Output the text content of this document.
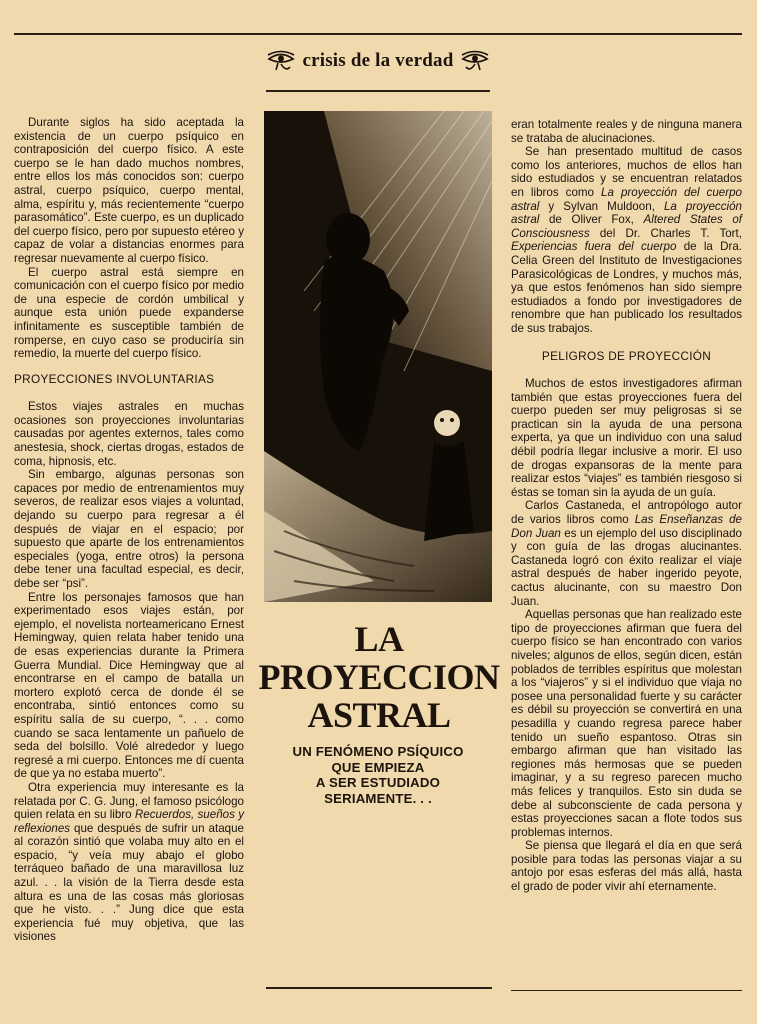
crisis de la verdad

Durante siglos ha sido aceptada la existencia de un cuerpo psíquico en contraposición del cuerpo físico. A este cuerpo se le han dado muchos nombres, entre ellos los más conocidos son: cuerpo astral, cuerpo psíquico, cuerpo mental, alma, espíritu y, más recientemente “cuerpo parasomático”. Este cuerpo, es un duplicado del cuerpo físico, pero por supuesto etéreo y capaz de volar a distancias enormes para regresar nuevamente al cuerpo físico.

El cuerpo astral está siempre en comunicación con el cuerpo físico por medio de una especie de cordón umbilical y aunque esta unión puede expanderse infinitamente es susceptible también de romperse, en cuyo caso se produciría sin remedio, la muerte del cuerpo físico.

PROYECCIONES INVOLUNTARIAS

Estos viajes astrales en muchas ocasiones son proyecciones involuntarias causadas por agentes externos, tales como anestesia, shock, ciertas drogas, estados de coma, hipnosis, etc.

Sin embargo, algunas personas son capaces por medio de entrenamientos muy severos, de realizar esos viajes a voluntad, dejando su cuerpo para regresar a él después de viajar en el espacio; por supuesto que aparte de los entrenamientos especiales (yoga, entre otros) la persona debe tener una facultad especial, es decir, debe ser “psi”.

Entre los personajes famosos que han experimentado esos viajes están, por ejemplo, el novelista norteamericano Ernest Hemingway, quien relata haber tenido una de esas experiencias durante la Primera Guerra Mundial. Dice Hemingway que al encontrarse en el campo de batalla un mortero explotó cerca de donde él se encontraba, sintió entonces como su espíritu salía de su cuerpo, “. . . como cuando se saca lentamente un pañuelo de seda del bolsillo. Volé alrededor y luego regresé a mi cuerpo. Entonces me dí cuenta de que ya no estaba muerto”.

Otra experiencia muy interesante es la relatada por C. G. Jung, el famoso psicólogo quien relata en su libro Recuerdos, sueños y reflexiones que después de sufrir un ataque al corazón sintió que volaba muy alto en el espacio, “y veía muy abajo el globo terráqueo bañado de una maravillosa luz azul. . . la visión de la Tierra desde esta altura es una de las cosas más gloriosas que he visto. . .” Jung dice que esta experiencia fué muy objetiva, que las visiones

LA
PROYECCION
ASTRAL
UN FENÓMENO PSÍQUICO
QUE EMPIEZA
A SER ESTUDIADO
SERIAMENTE. . .

eran totalmente reales y de ninguna manera se trataba de alucinaciones.

Se han presentado multitud de casos como los anteriores, muchos de ellos han sido estudiados y se encuentran relatados en libros como La proyección del cuerpo astral y Sylvan Muldoon, La proyección astral de Oliver Fox, Altered States of Consciousness del Dr. Charles T. Tort, Experiencias fuera del cuerpo de la Dra. Celia Green del Instituto de Investigaciones Parasicológicas de Londres, y muchos más, ya que estos fenómenos han sido siempre estudiados a fondo por investigadores de renombre que han publicado los resultados de sus trabajos.

PELIGROS DE PROYECCIÓN

Muchos de estos investigadores afirman también que estas proyecciones fuera del cuerpo pueden ser muy peligrosas si se practican sin la ayuda de una persona experta, ya que un individuo con una salud débil podría llegar inclusive a morir. El uso de drogas expansoras de la mente para realizar estos “viajes” es también riesgoso si éstas se toman sin la ayuda de un guía.

Carlos Castaneda, el antropólogo autor de varios libros como Las Enseñanzas de Don Juan es un ejemplo del uso disciplinado y con guía de las drogas alucinantes. Castaneda logró con éxito realizar el viaje astral después de haber ingerido peyote, cactus alucinante, con su maestro Don Juan.

Aquellas personas que han realizado este tipo de proyecciones afirman que fuera del cuerpo físico se han encontrado con varios niveles; algunos de ellos, según dicen, están poblados de terribles espíritus que molestan a los “viajeros” y si el individuo que viaja no posee una personalidad fuerte y su carácter es débil su proyección se convertirá en una pesadilla y cuando regresa parece haber tenido un sueño espantoso. Otras sin embargo afirman que han visitado las regiones más hermosas que se pueden imaginar, y a su regreso parecen mucho más felices y tranquilos. Esto sin duda se debe al subconsciente de cada persona y estas proyecciones sacan a flote todos sus problemas internos.

Se piensa que llegará el día en que será posible para todas las personas viajar a su antojo por esas esferas del más allá, hasta el grado de poder vivir ahí eternamente.
